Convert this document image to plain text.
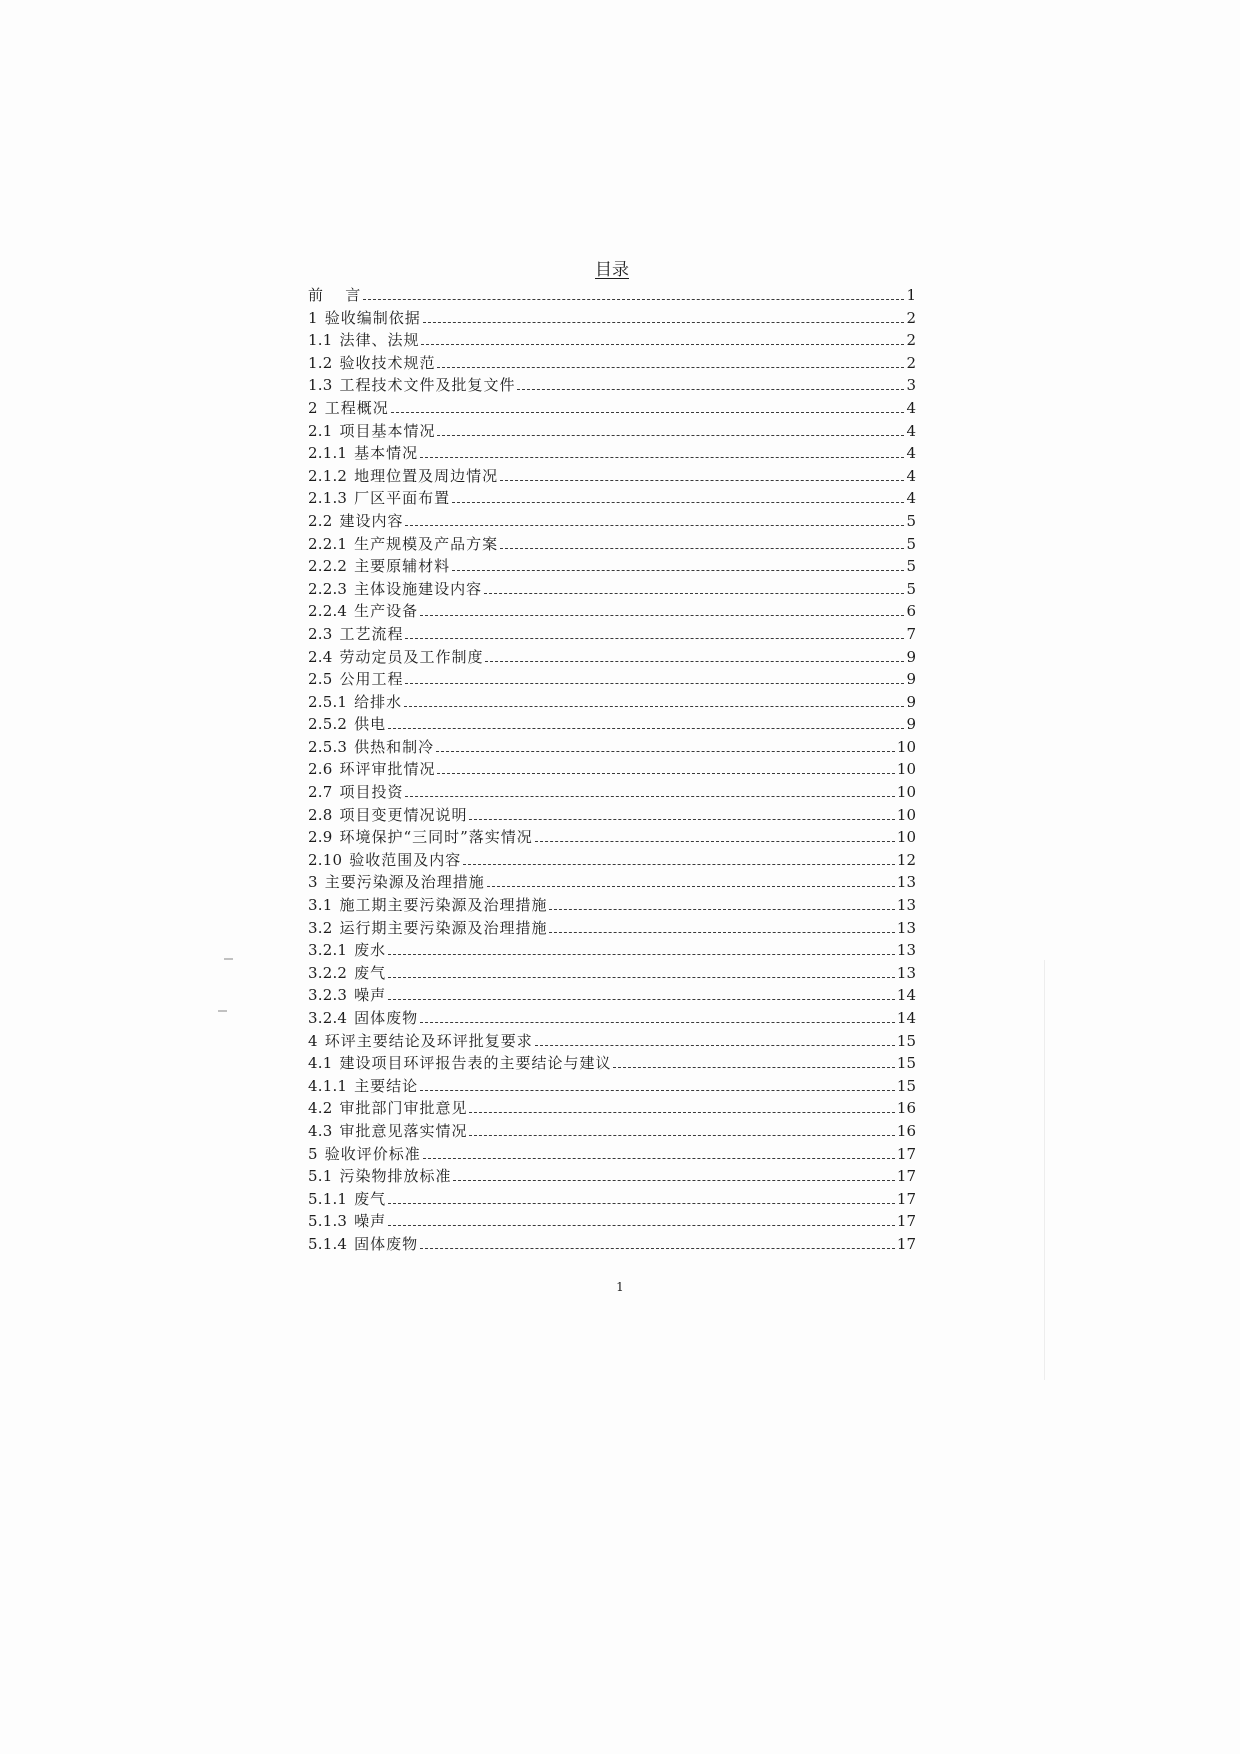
目录
前 言	1
1 验收编制依据	2
1.1 法律、法规	2
1.2 验收技术规范	2
1.3 工程技术文件及批复文件	3
2 工程概况	4
2.1 项目基本情况	4
2.1.1 基本情况	4
2.1.2 地理位置及周边情况	4
2.1.3 厂区平面布置	4
2.2 建设内容	5
2.2.1 生产规模及产品方案	5
2.2.2 主要原辅材料	5
2.2.3 主体设施建设内容	5
2.2.4 生产设备	6
2.3 工艺流程	7
2.4 劳动定员及工作制度	9
2.5 公用工程	9
2.5.1 给排水	9
2.5.2 供电	9
2.5.3 供热和制冷	10
2.6 环评审批情况	10
2.7 项目投资	10
2.8 项目变更情况说明	10
2.9 环境保护“三同时”落实情况	10
2.10 验收范围及内容	12
3 主要污染源及治理措施	13
3.1 施工期主要污染源及治理措施	13
3.2 运行期主要污染源及治理措施	13
3.2.1 废水	13
3.2.2 废气	13
3.2.3 噪声	14
3.2.4 固体废物	14
4 环评主要结论及环评批复要求	15
4.1 建设项目环评报告表的主要结论与建议	15
4.1.1 主要结论	15
4.2 审批部门审批意见	16
4.3 审批意见落实情况	16
5 验收评价标准	17
5.1 污染物排放标准	17
5.1.1 废气	17
5.1.3 噪声	17
5.1.4 固体废物	17
1
